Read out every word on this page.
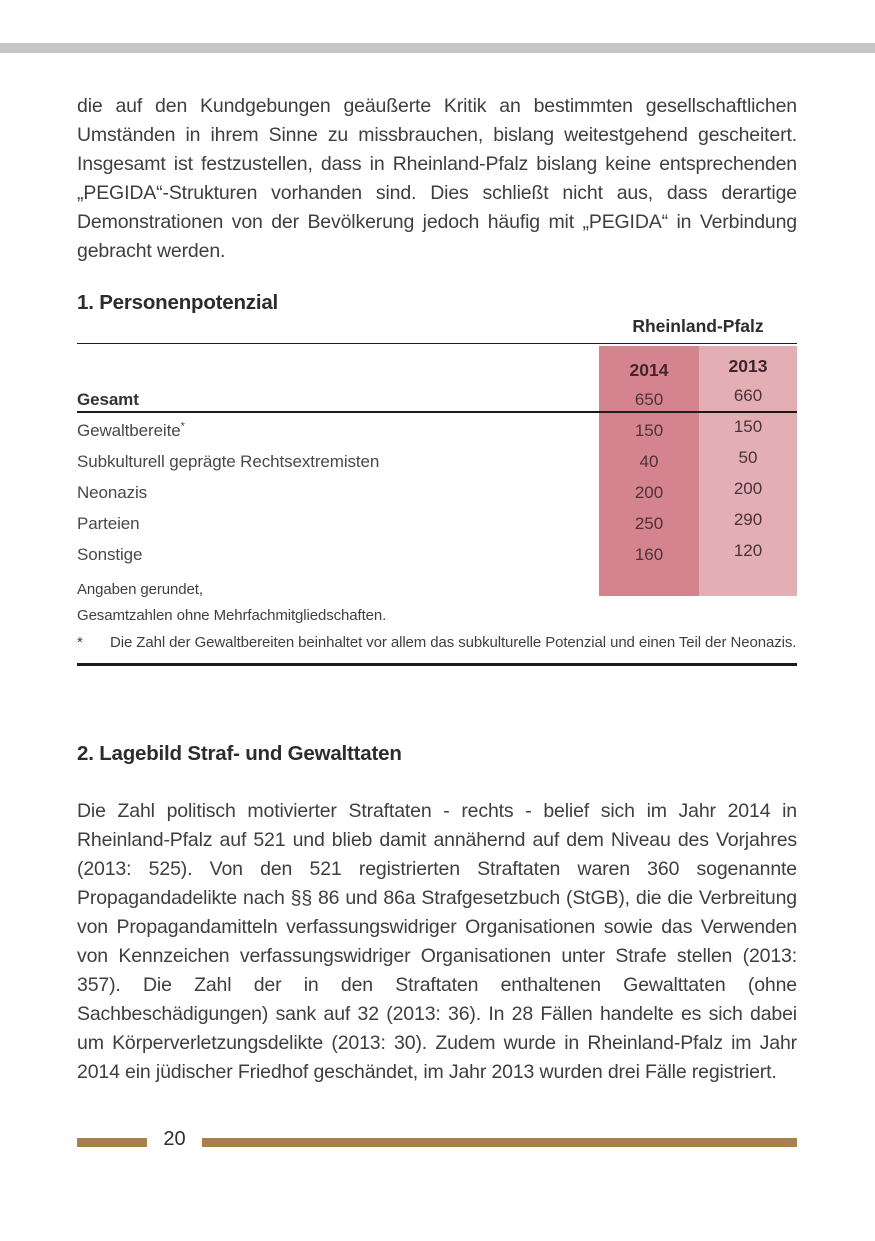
die auf den Kundgebungen geäußerte Kritik an bestimmten gesellschaftlichen Umständen in ihrem Sinne zu missbrauchen, bislang weitestgehend gescheitert. Insgesamt ist festzustellen, dass in Rheinland-Pfalz bislang keine entsprechenden „PEGIDA“-Strukturen vorhanden sind. Dies schließt nicht aus, dass derartige Demonstrationen von der Bevölkerung jedoch häufig mit „PEGIDA“ in Verbindung gebracht werden.

1. Personenpotenzial
Rheinland-Pfalz
2014	2013
Gesamt	650	660
Gewaltbereite*	150	150
Subkulturell geprägte Rechtsextremisten	40	50
Neonazis	200	200
Parteien	250	290
Sonstige	160	120
Angaben gerundet,
Gesamtzahlen ohne Mehrfachmitgliedschaften.
*	Die Zahl der Gewaltbereiten beinhaltet vor allem das subkulturelle Potenzial und einen Teil der Neonazis.
2. Lagebild Straf- und Gewalttaten

Die Zahl politisch motivierter Straftaten - rechts - belief sich im Jahr 2014 in Rheinland-Pfalz auf 521 und blieb damit annähernd auf dem Niveau des Vorjahres (2013: 525). Von den 521 registrierten Straftaten waren 360 sogenannte Propagandadelikte nach §§ 86 und 86a Strafgesetzbuch (StGB), die die Verbreitung von Propagandamitteln verfassungswidriger Organisationen sowie das Verwenden von Kennzeichen verfassungswidriger Organisationen unter Strafe stellen (2013: 357). Die Zahl der in den Straftaten enthaltenen Gewalttaten (ohne Sachbeschädigungen) sank auf 32 (2013: 36). In 28 Fällen handelte es sich dabei um Körperverletzungsdelikte (2013: 30). Zudem wurde in Rheinland-Pfalz im Jahr 2014 ein jüdischer Friedhof geschändet, im Jahr 2013 wurden drei Fälle registriert.

20
